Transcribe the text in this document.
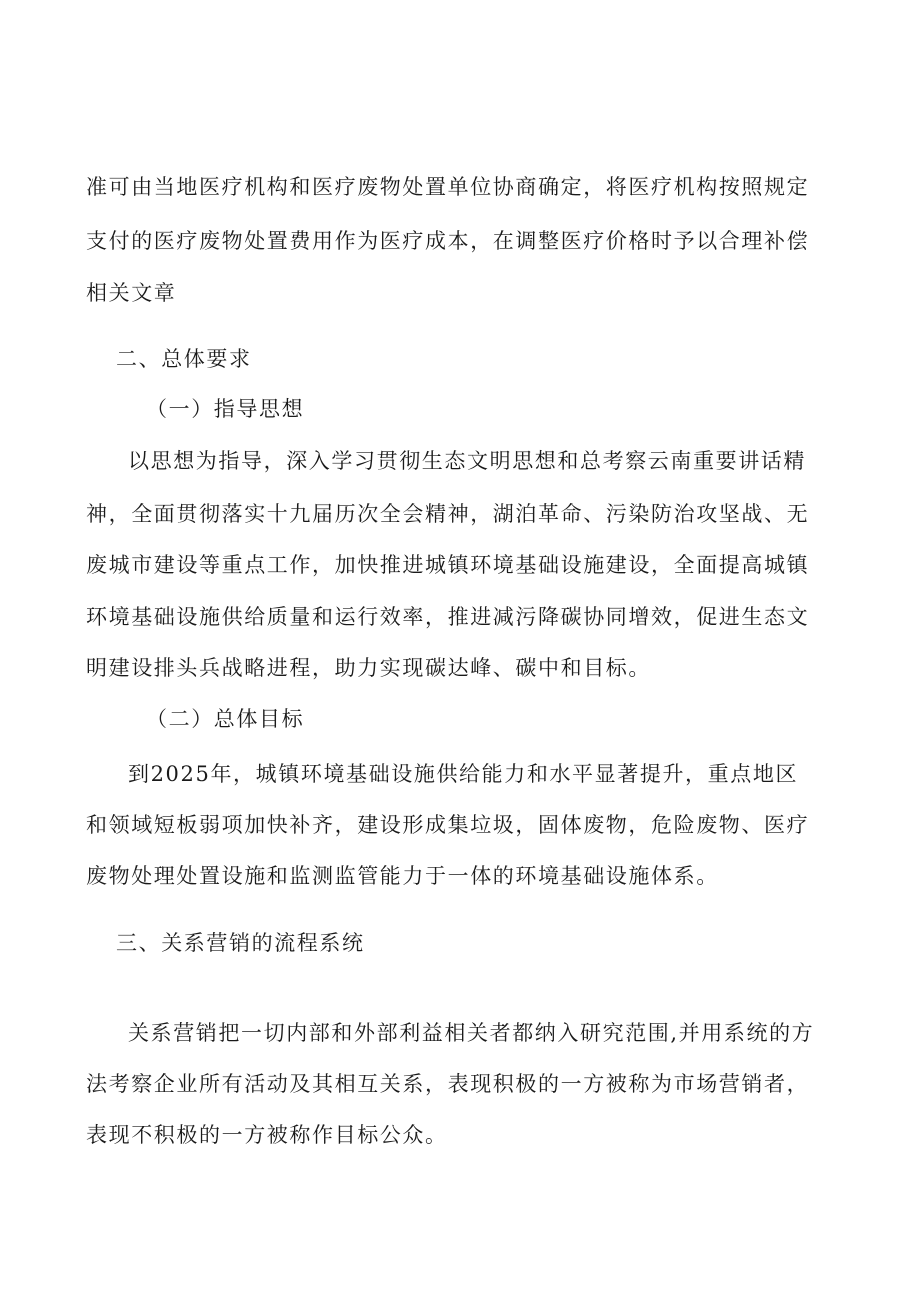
准可由当地医疗机构和医疗废物处置单位协商确定，将医疗机构按照规定
支付的医疗废物处置费用作为医疗成本，在调整医疗价格时予以合理补偿
相关文章
二、总体要求
（一）指导思想
以思想为指导，深入学习贯彻生态文明思想和总考察云南重要讲话精
神，全面贯彻落实十九届历次全会精神，湖泊革命、污染防治攻坚战、无
废城市建设等重点工作，加快推进城镇环境基础设施建设，全面提高城镇
环境基础设施供给质量和运行效率，推进减污降碳协同增效，促进生态文
明建设排头兵战略进程，助力实现碳达峰、碳中和目标。
（二）总体目标
到2025年，城镇环境基础设施供给能力和水平显著提升，重点地区
和领域短板弱项加快补齐，建设形成集垃圾，固体废物，危险废物、医疗
废物处理处置设施和监测监管能力于一体的环境基础设施体系。
三、关系营销的流程系统
关系营销把一切内部和外部利益相关者都纳入研究范围,并用系统的方
法考察企业所有活动及其相互关系，表现积极的一方被称为市场营销者，
表现不积极的一方被称作目标公众。
